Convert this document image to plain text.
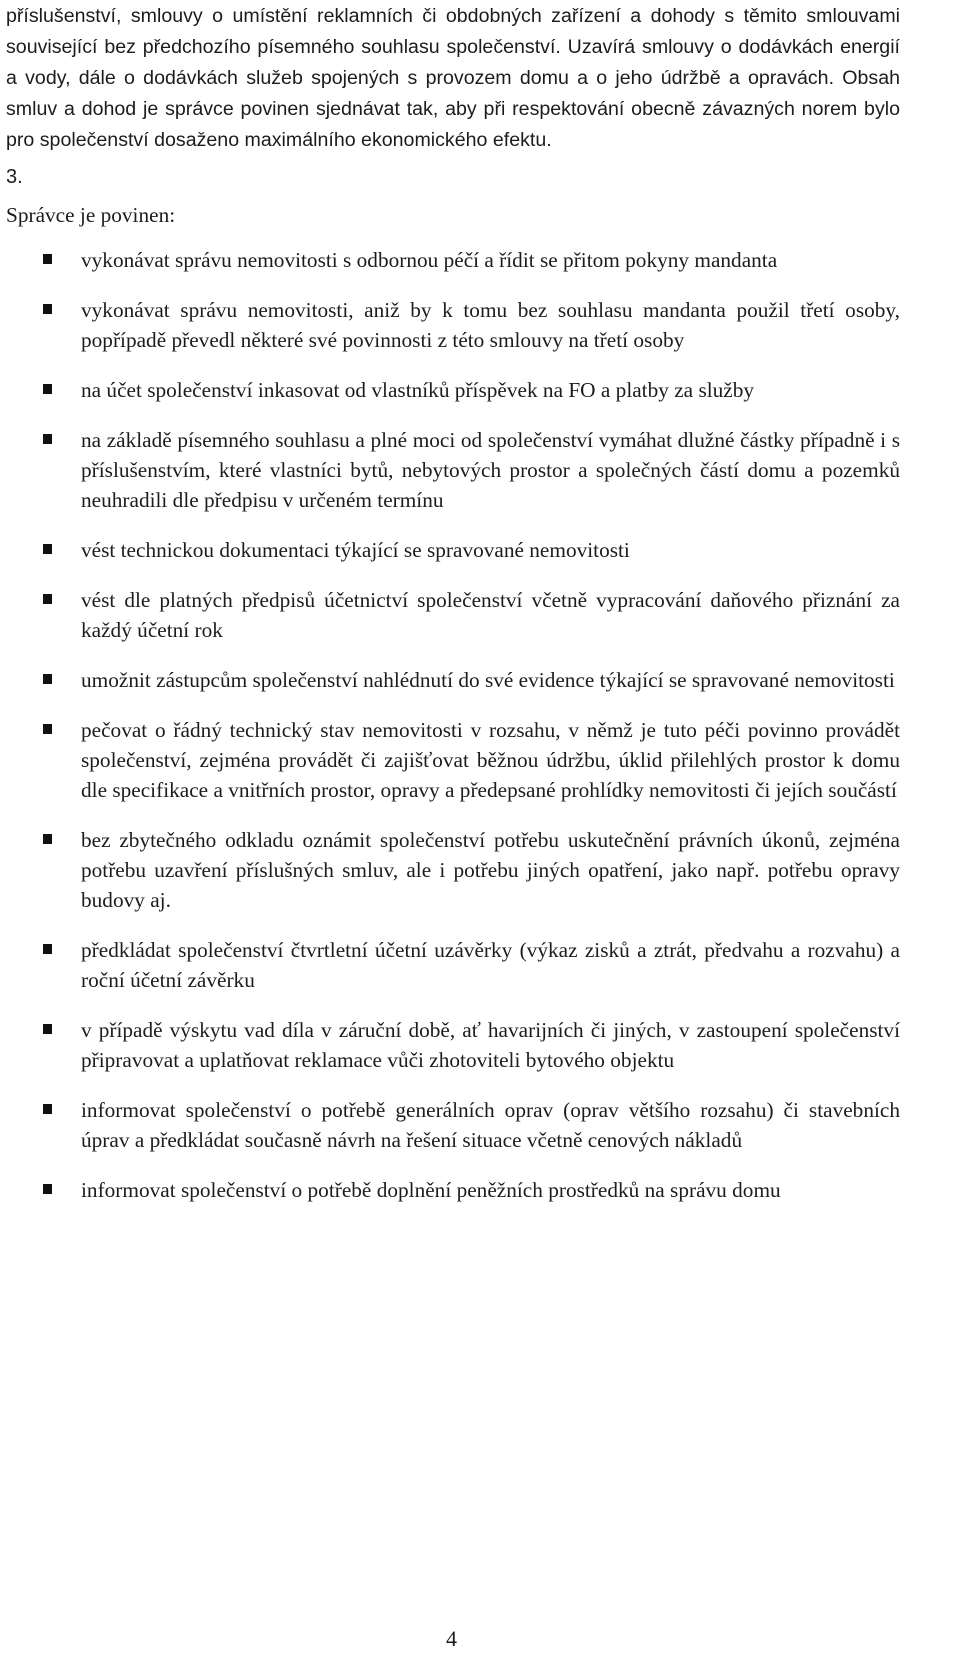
příslušenství, smlouvy o umístění reklamních či obdobných zařízení a dohody s těmito smlouvami související bez předchozího písemného souhlasu společenství. Uzavírá smlouvy o dodávkách energií a vody, dále o dodávkách služeb spojených s provozem domu a o jeho údržbě a opravách. Obsah smluv a dohod je správce povinen sjednávat tak, aby při respektování obecně závazných norem bylo pro společenství dosaženo maximálního ekonomického efektu.

3.
Správce je povinen:
vykonávat správu nemovitosti s odbornou péčí a řídit se přitom pokyny mandanta
vykonávat správu nemovitosti, aniž by k tomu bez souhlasu mandanta použil třetí osoby, popřípadě převedl některé své povinnosti z této smlouvy na třetí osoby
na účet společenství inkasovat od vlastníků příspěvek na FO a platby za služby
na základě písemného souhlasu a plné moci od společenství vymáhat dlužné částky případně i s příslušenstvím, které vlastníci bytů, nebytových prostor a společných částí domu a pozemků neuhradili dle předpisu v určeném termínu
vést technickou dokumentaci týkající se spravované nemovitosti
vést dle platných předpisů účetnictví společenství včetně vypracování daňového přiznání za každý účetní rok
umožnit zástupcům společenství nahlédnutí do své evidence týkající se spravované nemovitosti
pečovat o řádný technický stav nemovitosti v rozsahu, v němž je tuto péči povinno provádět společenství, zejména provádět či zajišťovat běžnou údržbu, úklid přilehlých prostor k domu dle specifikace a vnitřních prostor, opravy a předepsané prohlídky nemovitosti či jejích součástí
bez zbytečného odkladu oznámit společenství potřebu uskutečnění právních úkonů, zejména potřebu uzavření příslušných smluv, ale i potřebu jiných opatření, jako např. potřebu opravy budovy aj.
předkládat společenství čtvrtletní účetní uzávěrky (výkaz zisků a ztrát, předvahu a rozvahu) a roční účetní závěrku
v případě výskytu vad díla v záruční době, ať havarijních či jiných, v zastoupení společenství připravovat a uplatňovat reklamace vůči zhotoviteli bytového objektu
informovat společenství o potřebě generálních oprav (oprav většího rozsahu) či stavebních úprav a předkládat současně návrh na řešení situace včetně cenových nákladů
informovat společenství o potřebě doplnění peněžních prostředků na správu domu
4
